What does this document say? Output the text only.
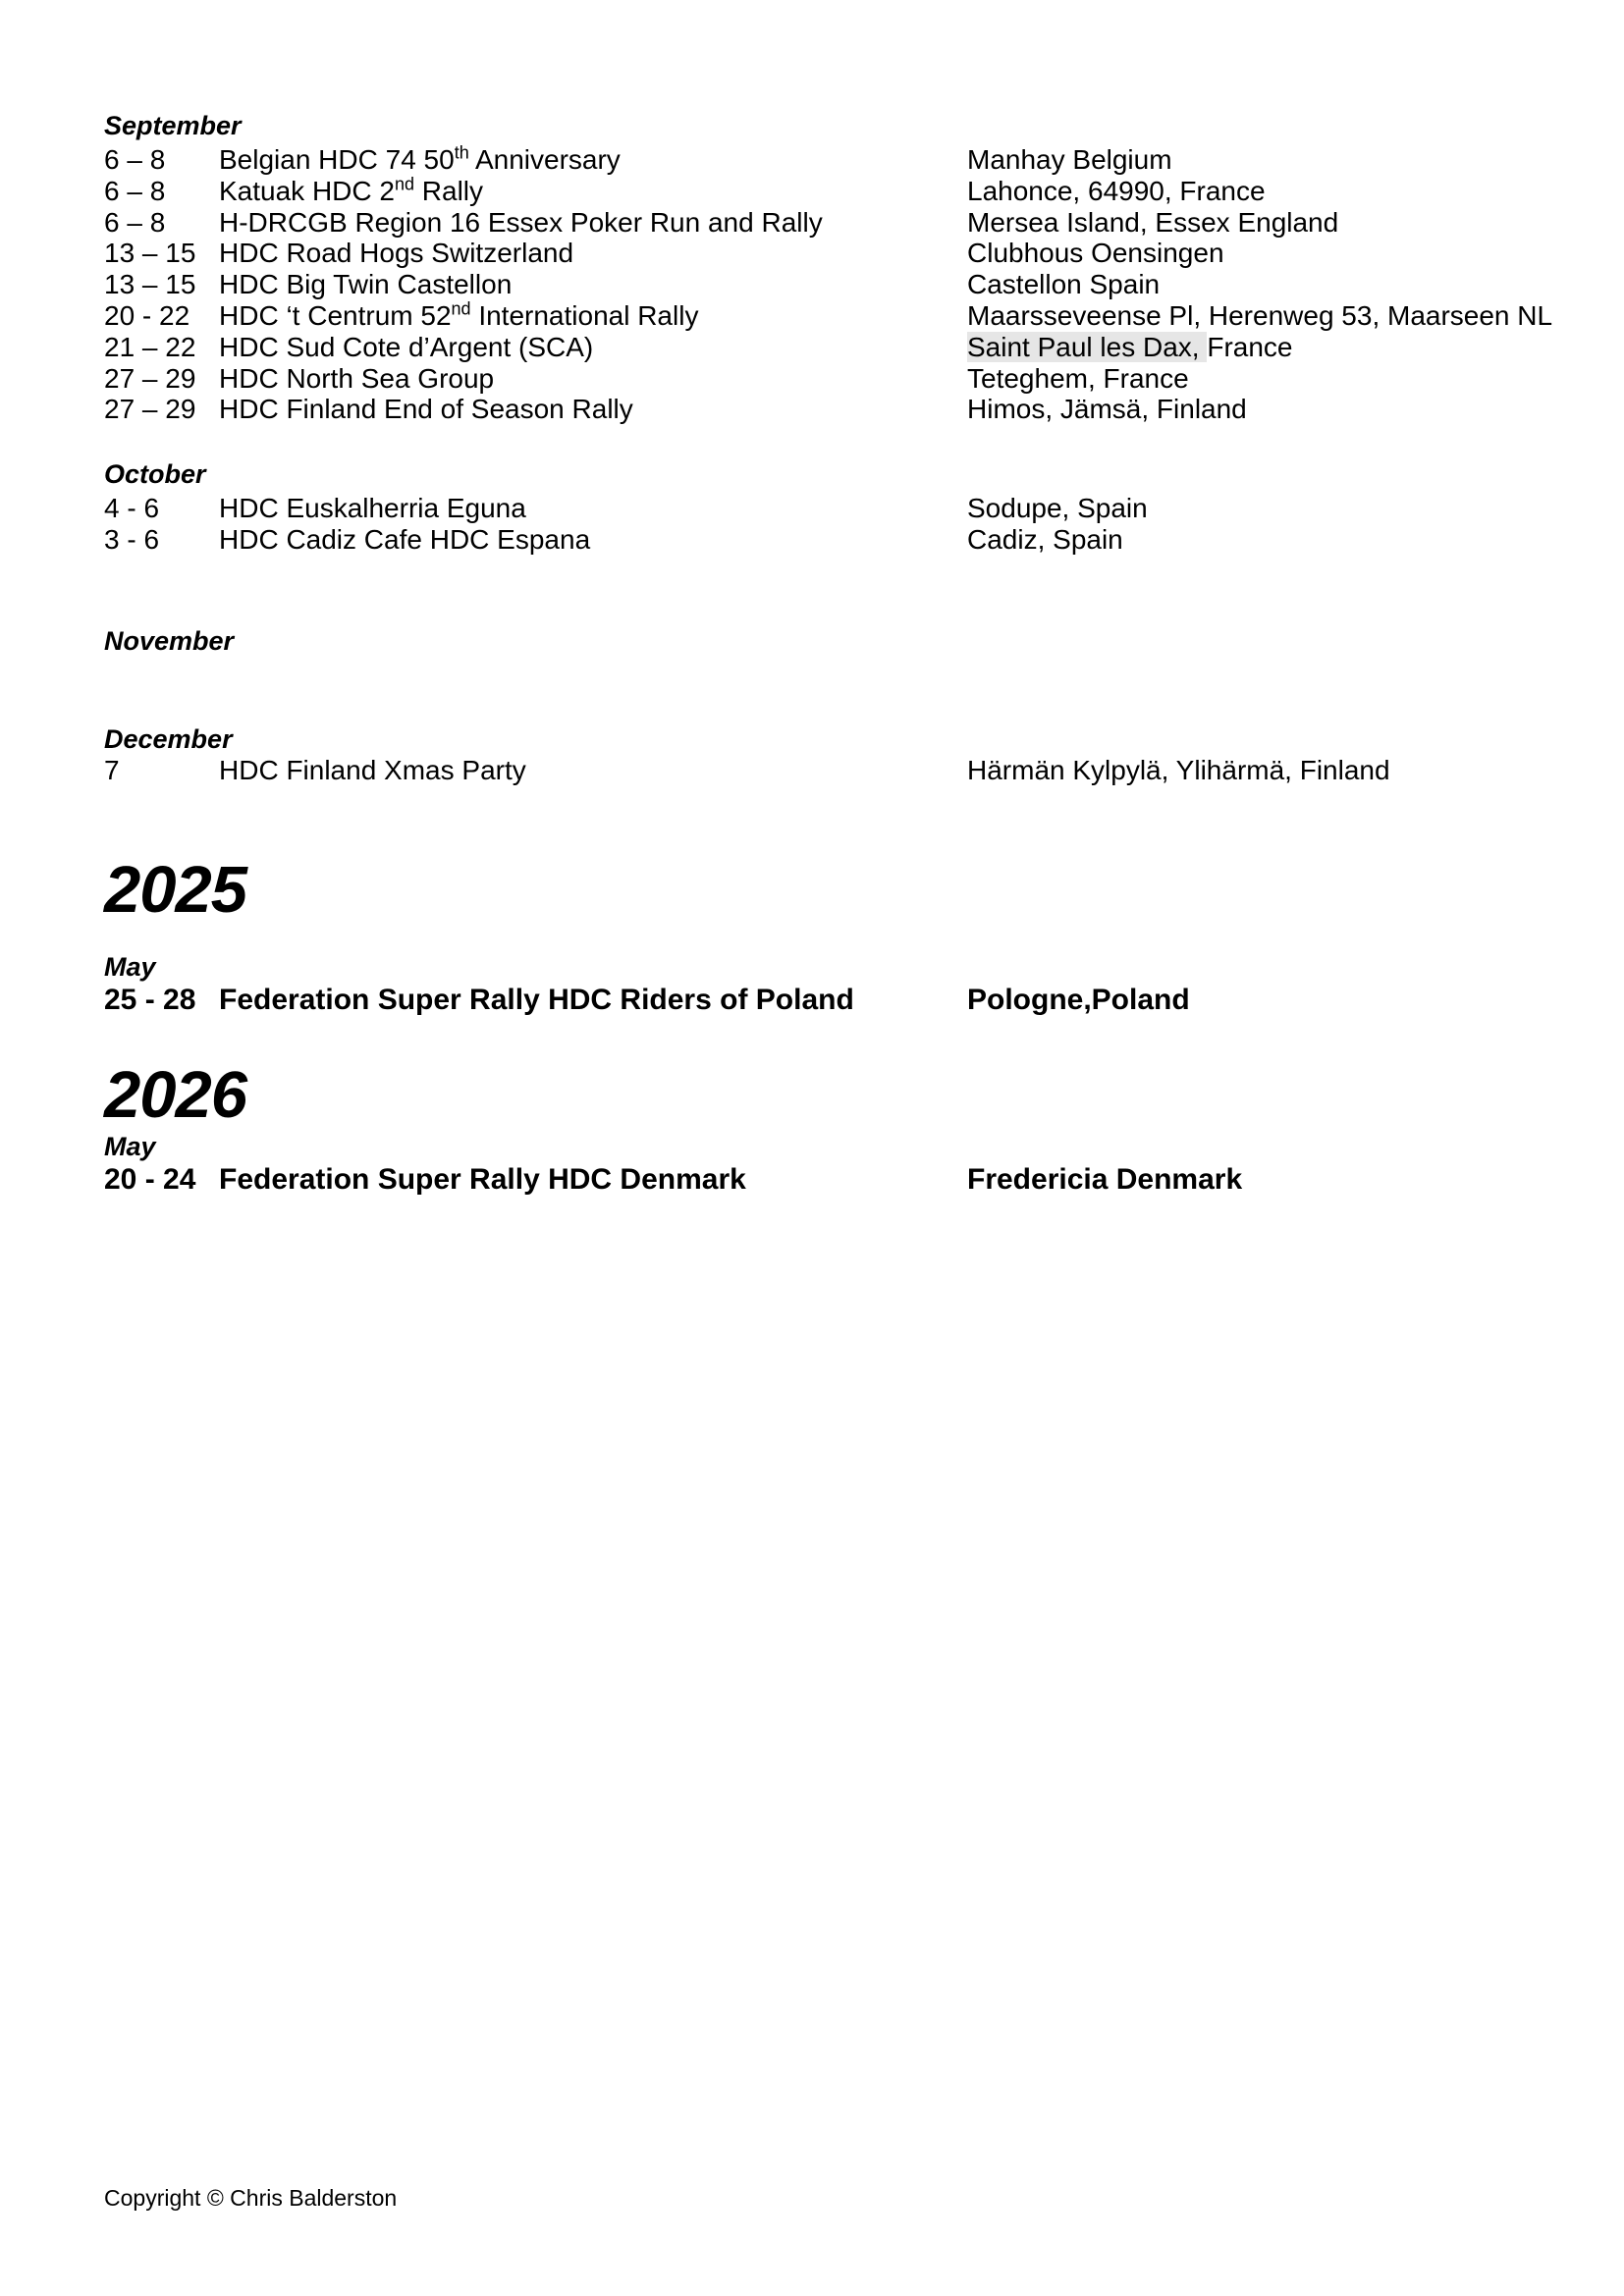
September
6 – 8	Belgian HDC 74 50th Anniversary	Manhay Belgium
6 – 8	Katuak HDC 2nd Rally	Lahonce, 64990, France
6 – 8	H-DRCGB Region 16 Essex Poker Run and Rally	Mersea Island, Essex England
13 – 15 HDC Road Hogs Switzerland	Clubhous Oensingen
13 – 15 HDC Big Twin Castellon	Castellon Spain
20 - 22	HDC ‘t Centrum 52nd International Rally	Maarsseveense Pl, Herenweg 53, Maarseen NL
21 – 22 HDC Sud Cote d’Argent (SCA)	Saint Paul les Dax, France
27 – 29 HDC North Sea Group	Teteghem, France
27 – 29 HDC Finland End of Season Rally	Himos, Jämsä, Finland
October
4 - 6	HDC Euskalherria Eguna	Sodupe, Spain
3 - 6	HDC Cadiz Cafe HDC Espana	Cadiz, Spain
November
December
7	HDC Finland Xmas Party	Härmän Kylpylä, Ylihärmä, Finland
2025
May
25 - 28 Federation Super Rally HDC Riders of Poland	Pologne,Poland
2026
May
20 - 24 Federation Super Rally HDC Denmark	Fredericia Denmark
Copyright © Chris Balderston
